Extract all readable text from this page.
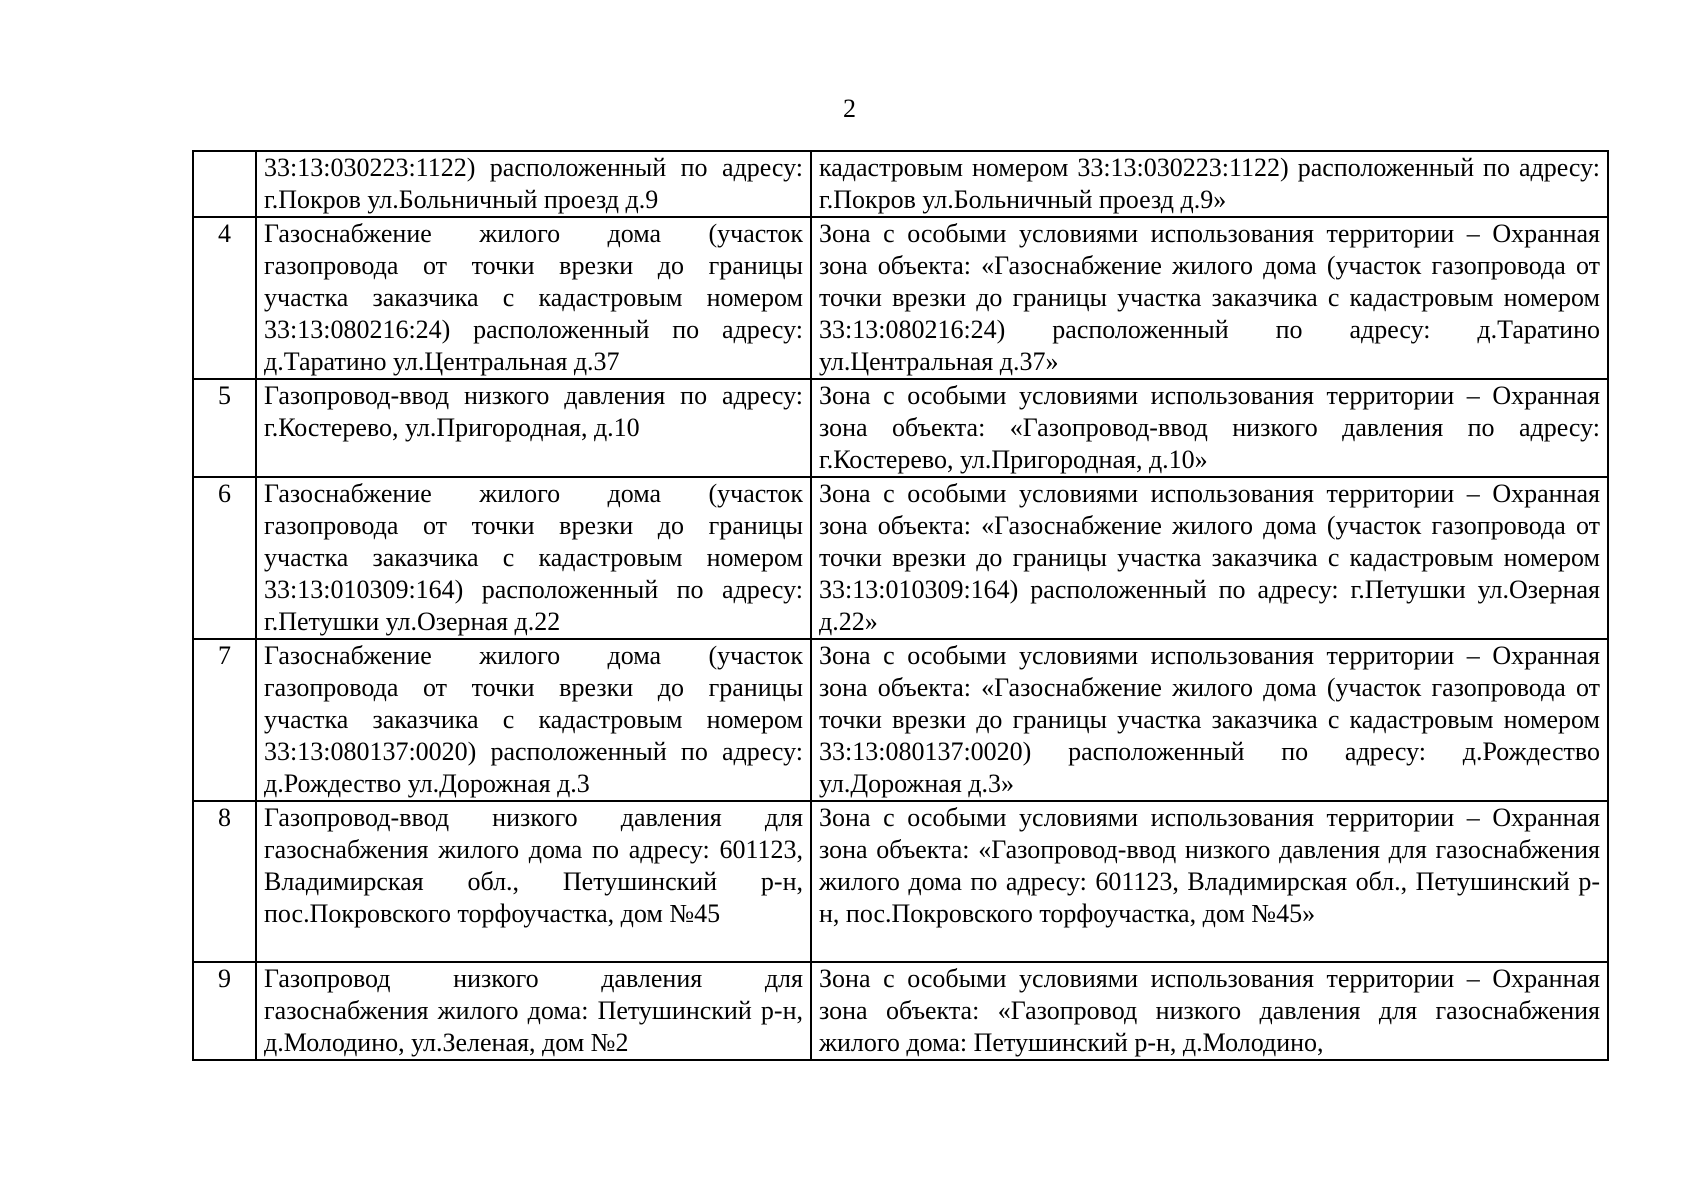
2
	33:13:030223:1122) расположенный по адресу: г.Покров ул.Больничный проезд д.9	кадастровым номером 33:13:030223:1122) расположенный по адресу: г.Покров ул.Больничный проезд д.9»
4	Газоснабжение жилого дома (участок газопровода от точки врезки до границы участка заказчика с кадастровым номером 33:13:080216:24) расположенный по адресу: д.Таратино ул.Центральная д.37	Зона с особыми условиями использования территории – Охранная зона объекта: «Газоснабжение жилого дома (участок газопровода от точки врезки до границы участка заказчика с кадастровым номером 33:13:080216:24) расположенный по адресу: д.Таратино ул.Центральная д.37»
5	Газопровод-ввод низкого давления по адресу: г.Костерево, ул.Пригородная, д.10	Зона с особыми условиями использования территории – Охранная зона объекта: «Газопровод-ввод низкого давления по адресу: г.Костерево, ул.Пригородная, д.10»
6	Газоснабжение жилого дома (участок газопровода от точки врезки до границы участка заказчика с кадастровым номером 33:13:010309:164) расположенный по адресу: г.Петушки ул.Озерная д.22	Зона с особыми условиями использования территории – Охранная зона объекта: «Газоснабжение жилого дома (участок газопровода от точки врезки до границы участка заказчика с кадастровым номером 33:13:010309:164) расположенный по адресу: г.Петушки ул.Озерная д.22»
7	Газоснабжение жилого дома (участок газопровода от точки врезки до границы участка заказчика с кадастровым номером 33:13:080137:0020) расположенный по адресу: д.Рождество ул.Дорожная д.3	Зона с особыми условиями использования территории – Охранная зона объекта: «Газоснабжение жилого дома (участок газопровода от точки врезки до границы участка заказчика с кадастровым номером 33:13:080137:0020) расположенный по адресу: д.Рождество ул.Дорожная д.3»
8	Газопровод-ввод низкого давления для газоснабжения жилого дома по адресу: 601123, Владимирская обл., Петушинский р-н, пос.Покровского торфоучастка, дом №45	Зона с особыми условиями использования территории – Охранная зона объекта: «Газопровод-ввод низкого давления для газоснабжения жилого дома по адресу: 601123, Владимирская обл., Петушинский р-н, пос.Покровского торфоучастка, дом №45»
9	Газопровод низкого давления для газоснабжения жилого дома: Петушинский р-н, д.Молодино, ул.Зеленая, дом №2	Зона с особыми условиями использования территории – Охранная зона объекта: «Газопровод низкого давления для газоснабжения жилого дома: Петушинский р-н, д.Молодино,
